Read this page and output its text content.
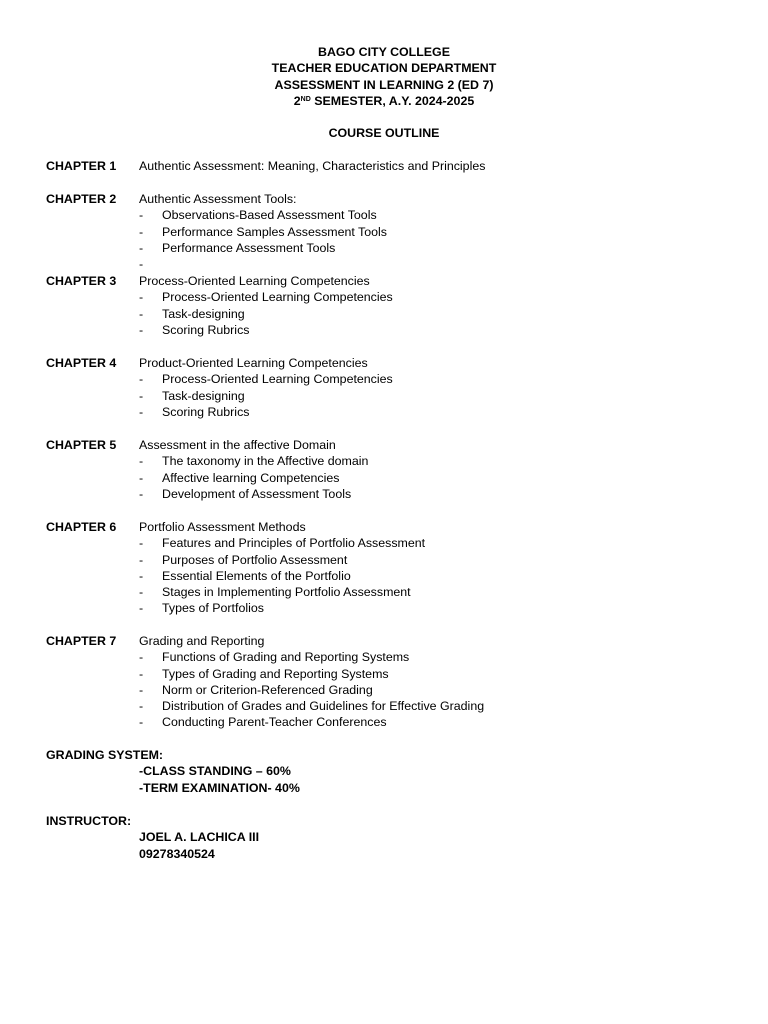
BAGO CITY COLLEGE
TEACHER EDUCATION DEPARTMENT
ASSESSMENT IN LEARNING 2 (ED 7)
2ND SEMESTER, A.Y. 2024-2025
COURSE OUTLINE
CHAPTER 1	Authentic Assessment: Meaning, Characteristics and Principles
CHAPTER 2	Authentic Assessment Tools:
-	Observations-Based Assessment Tools
-	Performance Samples Assessment Tools
-	Performance Assessment Tools
-
CHAPTER 3	Process-Oriented Learning Competencies
-	Process-Oriented Learning Competencies
-	Task-designing
-	Scoring Rubrics
CHAPTER 4	Product-Oriented Learning Competencies
-	Process-Oriented Learning Competencies
-	Task-designing
-	Scoring Rubrics
CHAPTER 5	Assessment in the affective Domain
-	The taxonomy in the Affective domain
-	Affective learning Competencies
-	Development of Assessment Tools
CHAPTER 6	Portfolio Assessment Methods
-	Features and Principles of Portfolio Assessment
-	Purposes of Portfolio Assessment
-	Essential Elements of the Portfolio
-	Stages in Implementing Portfolio Assessment
-	Types of Portfolios
CHAPTER 7	Grading and Reporting
-	Functions of Grading and Reporting Systems
-	Types of Grading and Reporting Systems
-	Norm or Criterion-Referenced Grading
-	Distribution of Grades and Guidelines for Effective Grading
-	Conducting Parent-Teacher Conferences
GRADING SYSTEM:
-CLASS STANDING – 60%
-TERM EXAMINATION- 40%
INSTRUCTOR:
JOEL A. LACHICA III
09278340524
